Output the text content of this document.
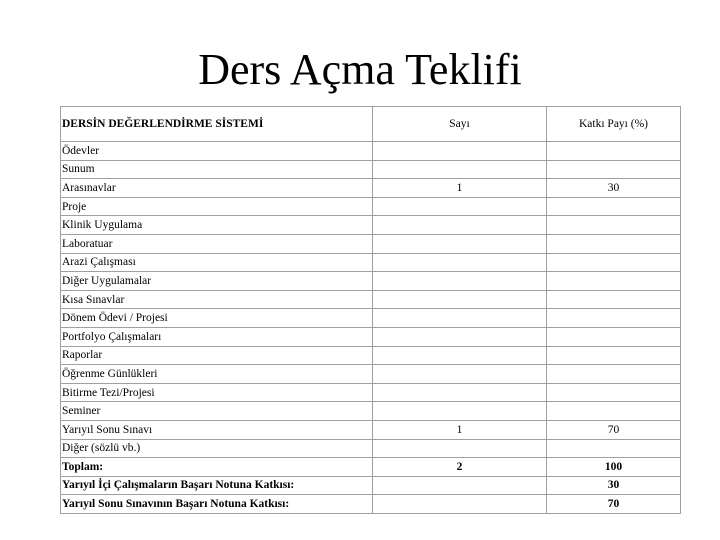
Ders Açma Teklifi
DERSİN DEĞERLENDİRME SİSTEMİ	Sayı	Katkı Payı (%)
Ödevler		
Sunum		
Arasınavlar	1	30
Proje		
Klinik Uygulama		
Laboratuar		
Arazi Çalışması		
Diğer Uygulamalar		
Kısa Sınavlar		
Dönem Ödevi / Projesi		
Portfolyo Çalışmaları		
Raporlar		
Öğrenme Günlükleri		
Bitirme Tezi/Projesi		
Seminer		
Yarıyıl Sonu Sınavı	1	70
Diğer (sözlü vb.)		
Toplam:	2	100
Yarıyıl İçi Çalışmaların Başarı Notuna Katkısı:		30
Yarıyıl Sonu Sınavının Başarı Notuna Katkısı:		70
